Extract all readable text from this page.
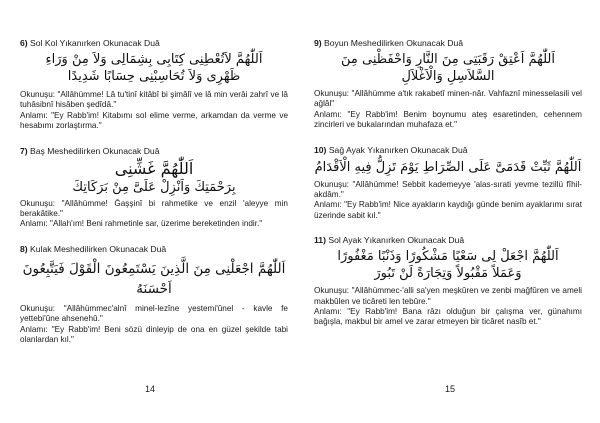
6) Sol Kol Yıkanırken Okunacak Duâ

اَللّٰهُمَّ لاَتُعْطِنِى كِتَابِى بِشِمَالِى وَلاَ مِنْ وَرَاءِ

ظَهْرِى وَلاَ تُحَاسِبْنِى حِسَابًا شَدِيدًا

Okunuşu: "Allâhümme! Lâ tu'tinî kitâbî bi şimâlî ve lâ min verâi zahrî ve lâ tuhâsibnî hisâben şedîdâ."

Anlamı: "Ey Rabb'im! Kitabımı sol elime verme, arkamdan da verme ve hesabımı zorlaştırma."

7) Baş Meshedilirken Okunacak Duâ

اَللّٰهُمَّ غَشِّنِى

بِرَحْمَتِكَ وَاَنْزِلْ عَلَىَّ مِنْ بَرَكَاتِكَ

Okunuşu: "Allâhümme! Ğaşşinî bi rahmetike ve enzil 'aleyye min berakâtike."

Anlamı: "Allah'ım! Beni rahmetinle sar, üzerime bereketinden indir."

8) Kulak Meshedilirken Okunacak Duâ

اَللّٰهُمَّ اجْعَلْنِى مِنَ الَّذِينَ يَسْتَمِعُونَ الْقَوْلَ فَيَتَّبِعُونَ اَحْسَنَهُ

Okunuşu: "Allâhümmec'alnî minel-lezîne yestemi'ûnel - kavle fe yettebi'ûne ahsenehû."

Anlamı: "Ey Rabb'im! Beni sözü dinleyip de ona en güzel şekilde tabi olanlardan kıl."

14

9) Boyun Meshedilirken Okunacak Duâ

اَللّٰهُمَّ اَعْتِقْ رَقَبَتِى مِنَ النَّارِ وَاحْفَظْنِى مِنَ

السَّلاَسِلِ وَالْاَغْلاَلِ

Okunuşu: "Allâhümme a'tık rakabetî minen-nâr. Vahfaznî minesselasili vel ağlâl"

Anlamı: "Ey Rabb'im! Benim boynumu ateş esaretinden, cehennem zincirleri ve bukalarından muhafaza et."

10) Sağ Ayak Yıkanırken Okunacak Duâ

اَللّٰهُمَّ ثَبِّتْ قَدَمَىَّ عَلَى الصِّرَاطِ يَوْمَ تَزِلُّ فِيهِ الْاَقْدَامُ

Okunuşu: "Allâhümme! Sebbit kademeyye 'alas-sırati yevme tezillü fîhil-akdâm."

Anlamı: "Ey Rabb'im! Nice ayakların kaydığı günde benim ayaklarımı sırat üzerinde sabit kıl."

11) Sol Ayak Yıkanırken Okunacak Duâ

اَللّٰهُمَّ اجْعَلْ لِى سَعْيًا مَشْكُورًا وَذَنْبًا مَغْفُورًا

وَعَمَلاً مَقْبُولاً وَتِجَارَةً لَنْ تَبُورَ

Okunuşu: "Allâhümmec-'alli sa'yen meşkûren ve zenbi mağfûren ve ameli makbûlen ve ticâreti len tebûre."

Anlamı: "Ey Rabb'im! Bana râzı olduğun bir çalışma ver, günahımı bağışla, makbul bir amel ve zarar etmeyen bir ticâret nasîb et."

15
